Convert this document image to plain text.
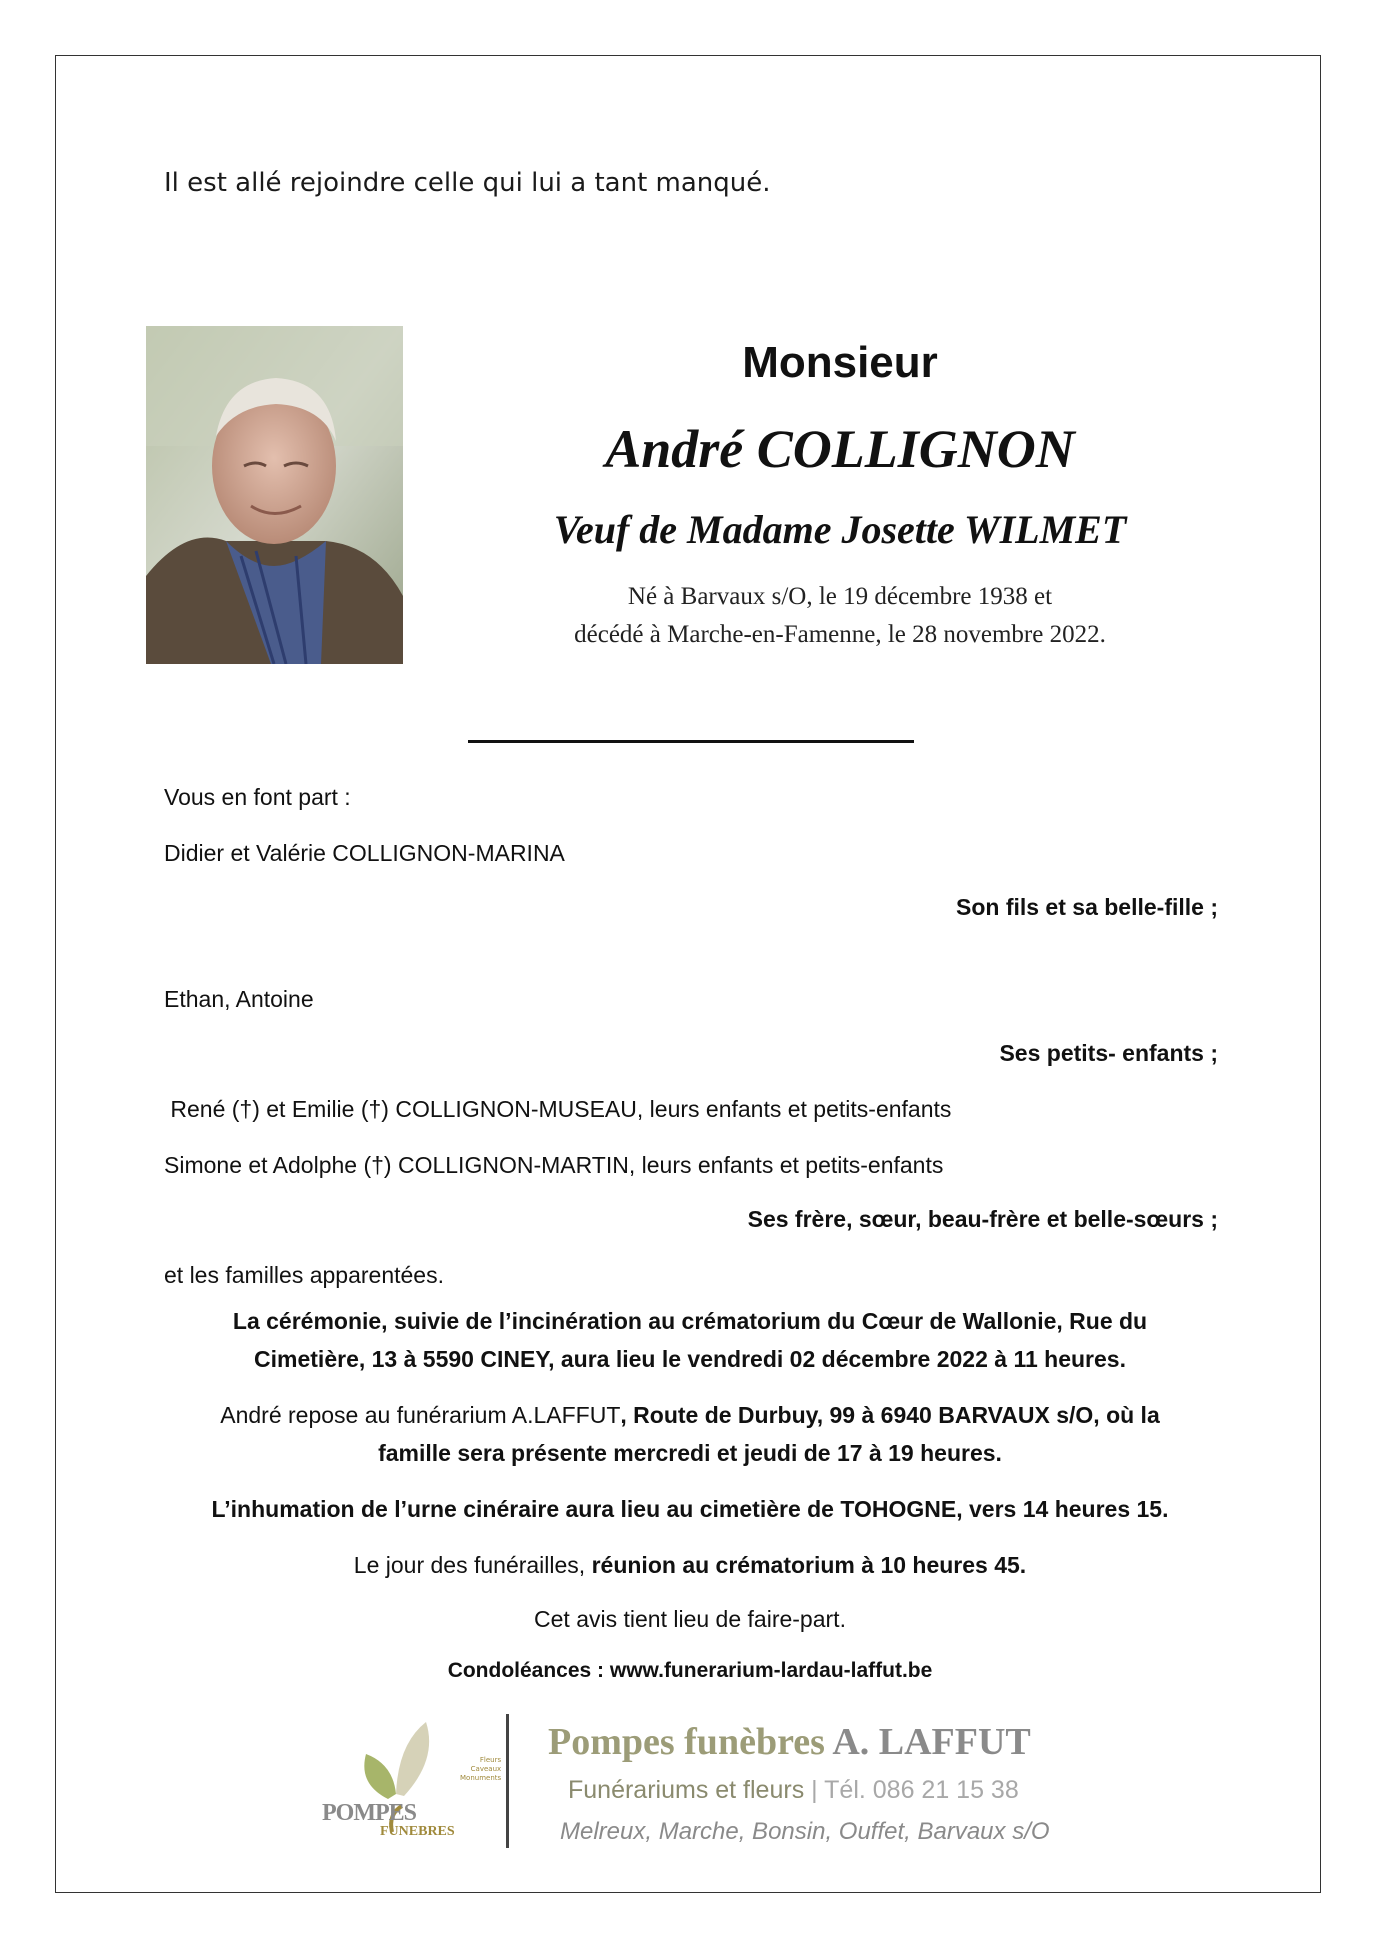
Il est allé rejoindre celle qui lui a tant manqué.
Monsieur
André COLLIGNON
Veuf de Madame Josette WILMET
Né à Barvaux s/O, le 19 décembre 1938 et
décédé à Marche-en-Famenne, le 28 novembre 2022.
Vous en font part :
Didier et Valérie COLLIGNON-MARINA
Son fils et sa belle-fille ;
Ethan, Antoine
Ses petits- enfants ;
René (†) et Emilie (†) COLLIGNON-MUSEAU, leurs enfants et petits-enfants
Simone et Adolphe (†) COLLIGNON-MARTIN, leurs enfants et petits-enfants
Ses frère, sœur, beau-frère et belle-sœurs ;
et les familles apparentées.
La cérémonie, suivie de l’incinération au crématorium du Cœur de Wallonie, Rue du
Cimetière, 13 à 5590 CINEY, aura lieu le vendredi 02 décembre 2022 à 11 heures.
André repose au funérarium A.LAFFUT, Route de Durbuy, 99 à 6940 BARVAUX s/O, où la
famille sera présente mercredi et jeudi de 17 à 19 heures.
L’inhumation de l’urne cinéraire aura lieu au cimetière de TOHOGNE, vers 14 heures 15.
Le jour des funérailles, réunion au crématorium à 10 heures 45.
Cet avis tient lieu de faire-part.
Condoléances : www.funerarium-lardau-laffut.be
Fleurs
Caveaux
Monuments
POMPES
FUNEBRES
Pompes funèbres A. LAFFUT
Funérariums et fleurs | Tél. 086 21 15 38
Melreux, Marche, Bonsin, Ouffet, Barvaux s/O
